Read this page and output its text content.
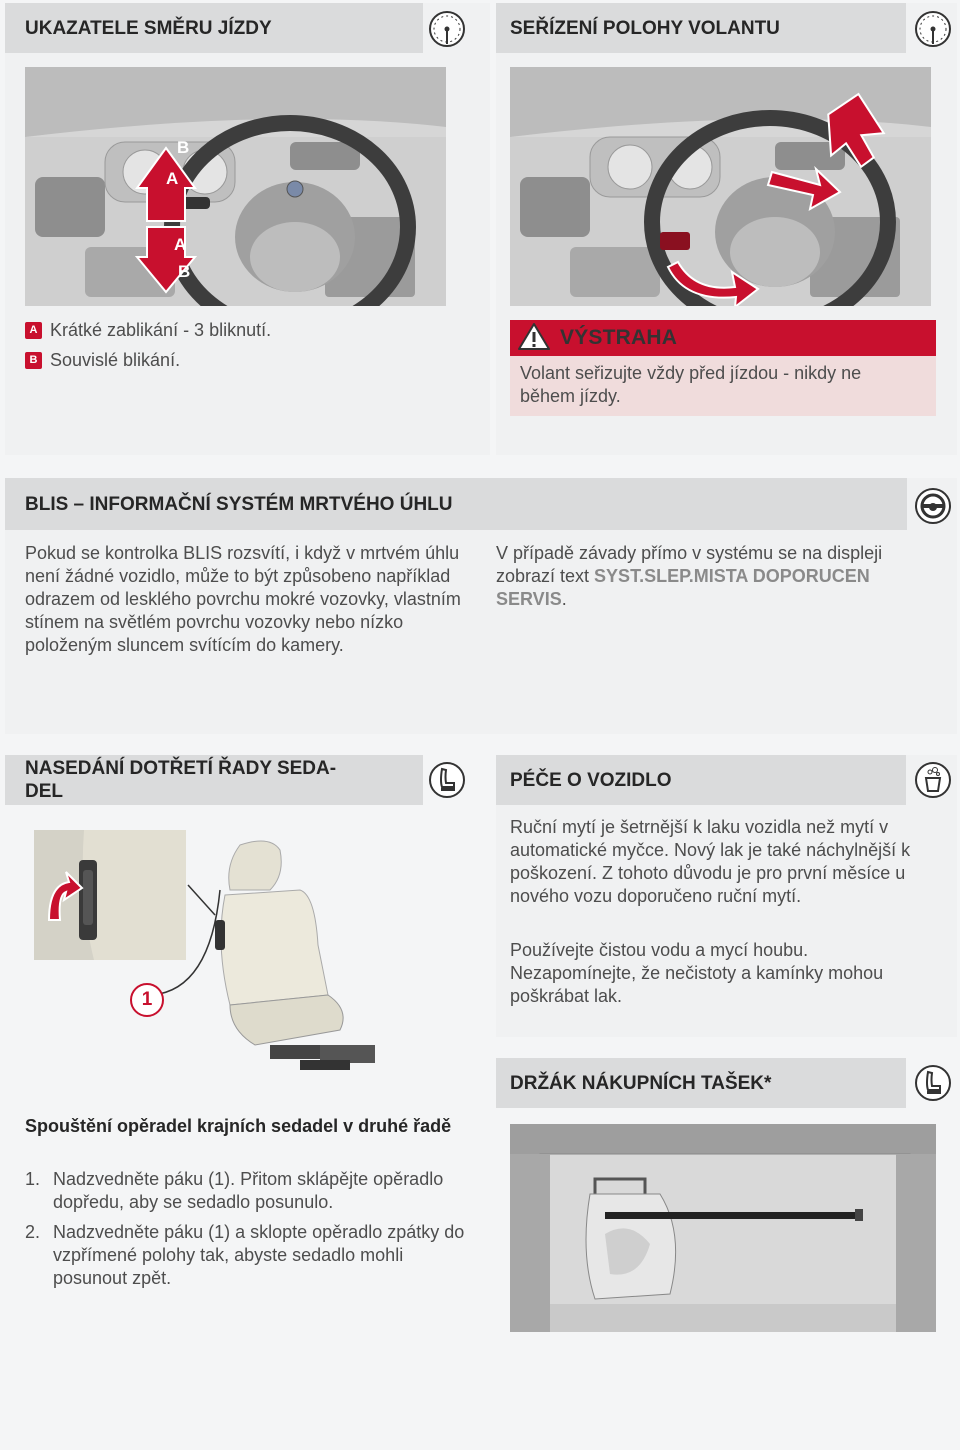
UKAZATELE SMĚRU JÍZDY
B
A
A
B
A Krátké zablikání - 3 bliknutí.
B Souvislé blikání.
SEŘÍZENÍ POLOHY VOLANTU
VÝSTRAHA
Volant seřizujte vždy před jízdou - nikdy ne během jízdy.
BLIS – INFORMAČNÍ SYSTÉM MRTVÉHO ÚHLU
Pokud se kontrolka BLIS rozsvítí, i když v mrtvém úhlu není žádné vozidlo, může to být způsobeno například odrazem od lesklého povrchu mokré vozovky, vlastním stínem na světlém povrchu vozovky nebo nízko položeným sluncem svítícím do kamery.
V případě závady přímo v systému se na displeji zobrazí text SYST.SLEP.MISTA DOPORUCEN SERVIS.
NASEDÁNÍ DOTŘETÍ ŘADY SEDA-
DEL
1
Spouštění opěradel krajních sedadel v druhé řadě
1. Nadzvedněte páku (1). Přitom sklápějte opěradlo dopředu, aby se sedadlo posunulo.
2. Nadzvedněte páku (1) a sklopte opěradlo zpátky do vzpřímené polohy tak, abyste sedadlo mohli posunout zpět.
PÉČE O VOZIDLO
Ruční mytí je šetrnější k laku vozidla než mytí v automatické myčce. Nový lak je také náchylnější k poškození. Z tohoto důvodu je pro první měsíce u nového vozu doporučeno ruční mytí.
Používejte čistou vodu a mycí houbu. Nezapomínejte, že nečistoty a kamínky mohou poškrábat lak.
DRŽÁK NÁKUPNÍCH TAŠEK*
